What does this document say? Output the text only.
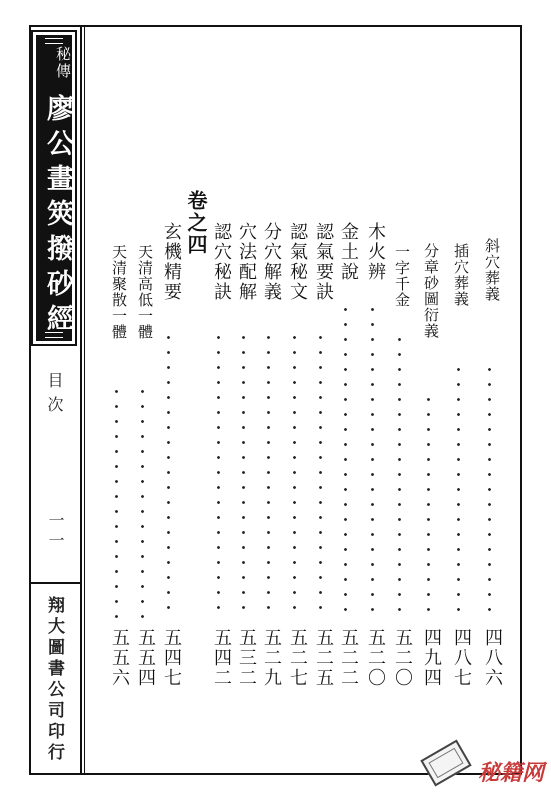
秘傳
廖公畫筴撥砂經
目次
一一
翔大圖書公司印行
斜穴葬義
四八六
插穴葬義
四八七
分章砂圖衍義
四九四
一字千金
五二〇
木火辨
五二〇
金土說
五二二
認氣要訣
五二五
認氣秘文
五二七
分穴解義
五二九
穴法配解
五三二
認穴秘訣
五四二
卷之四
玄機精要
五四七
天清高低一體
五五四
天清聚散一體
五五六
秘籍网
